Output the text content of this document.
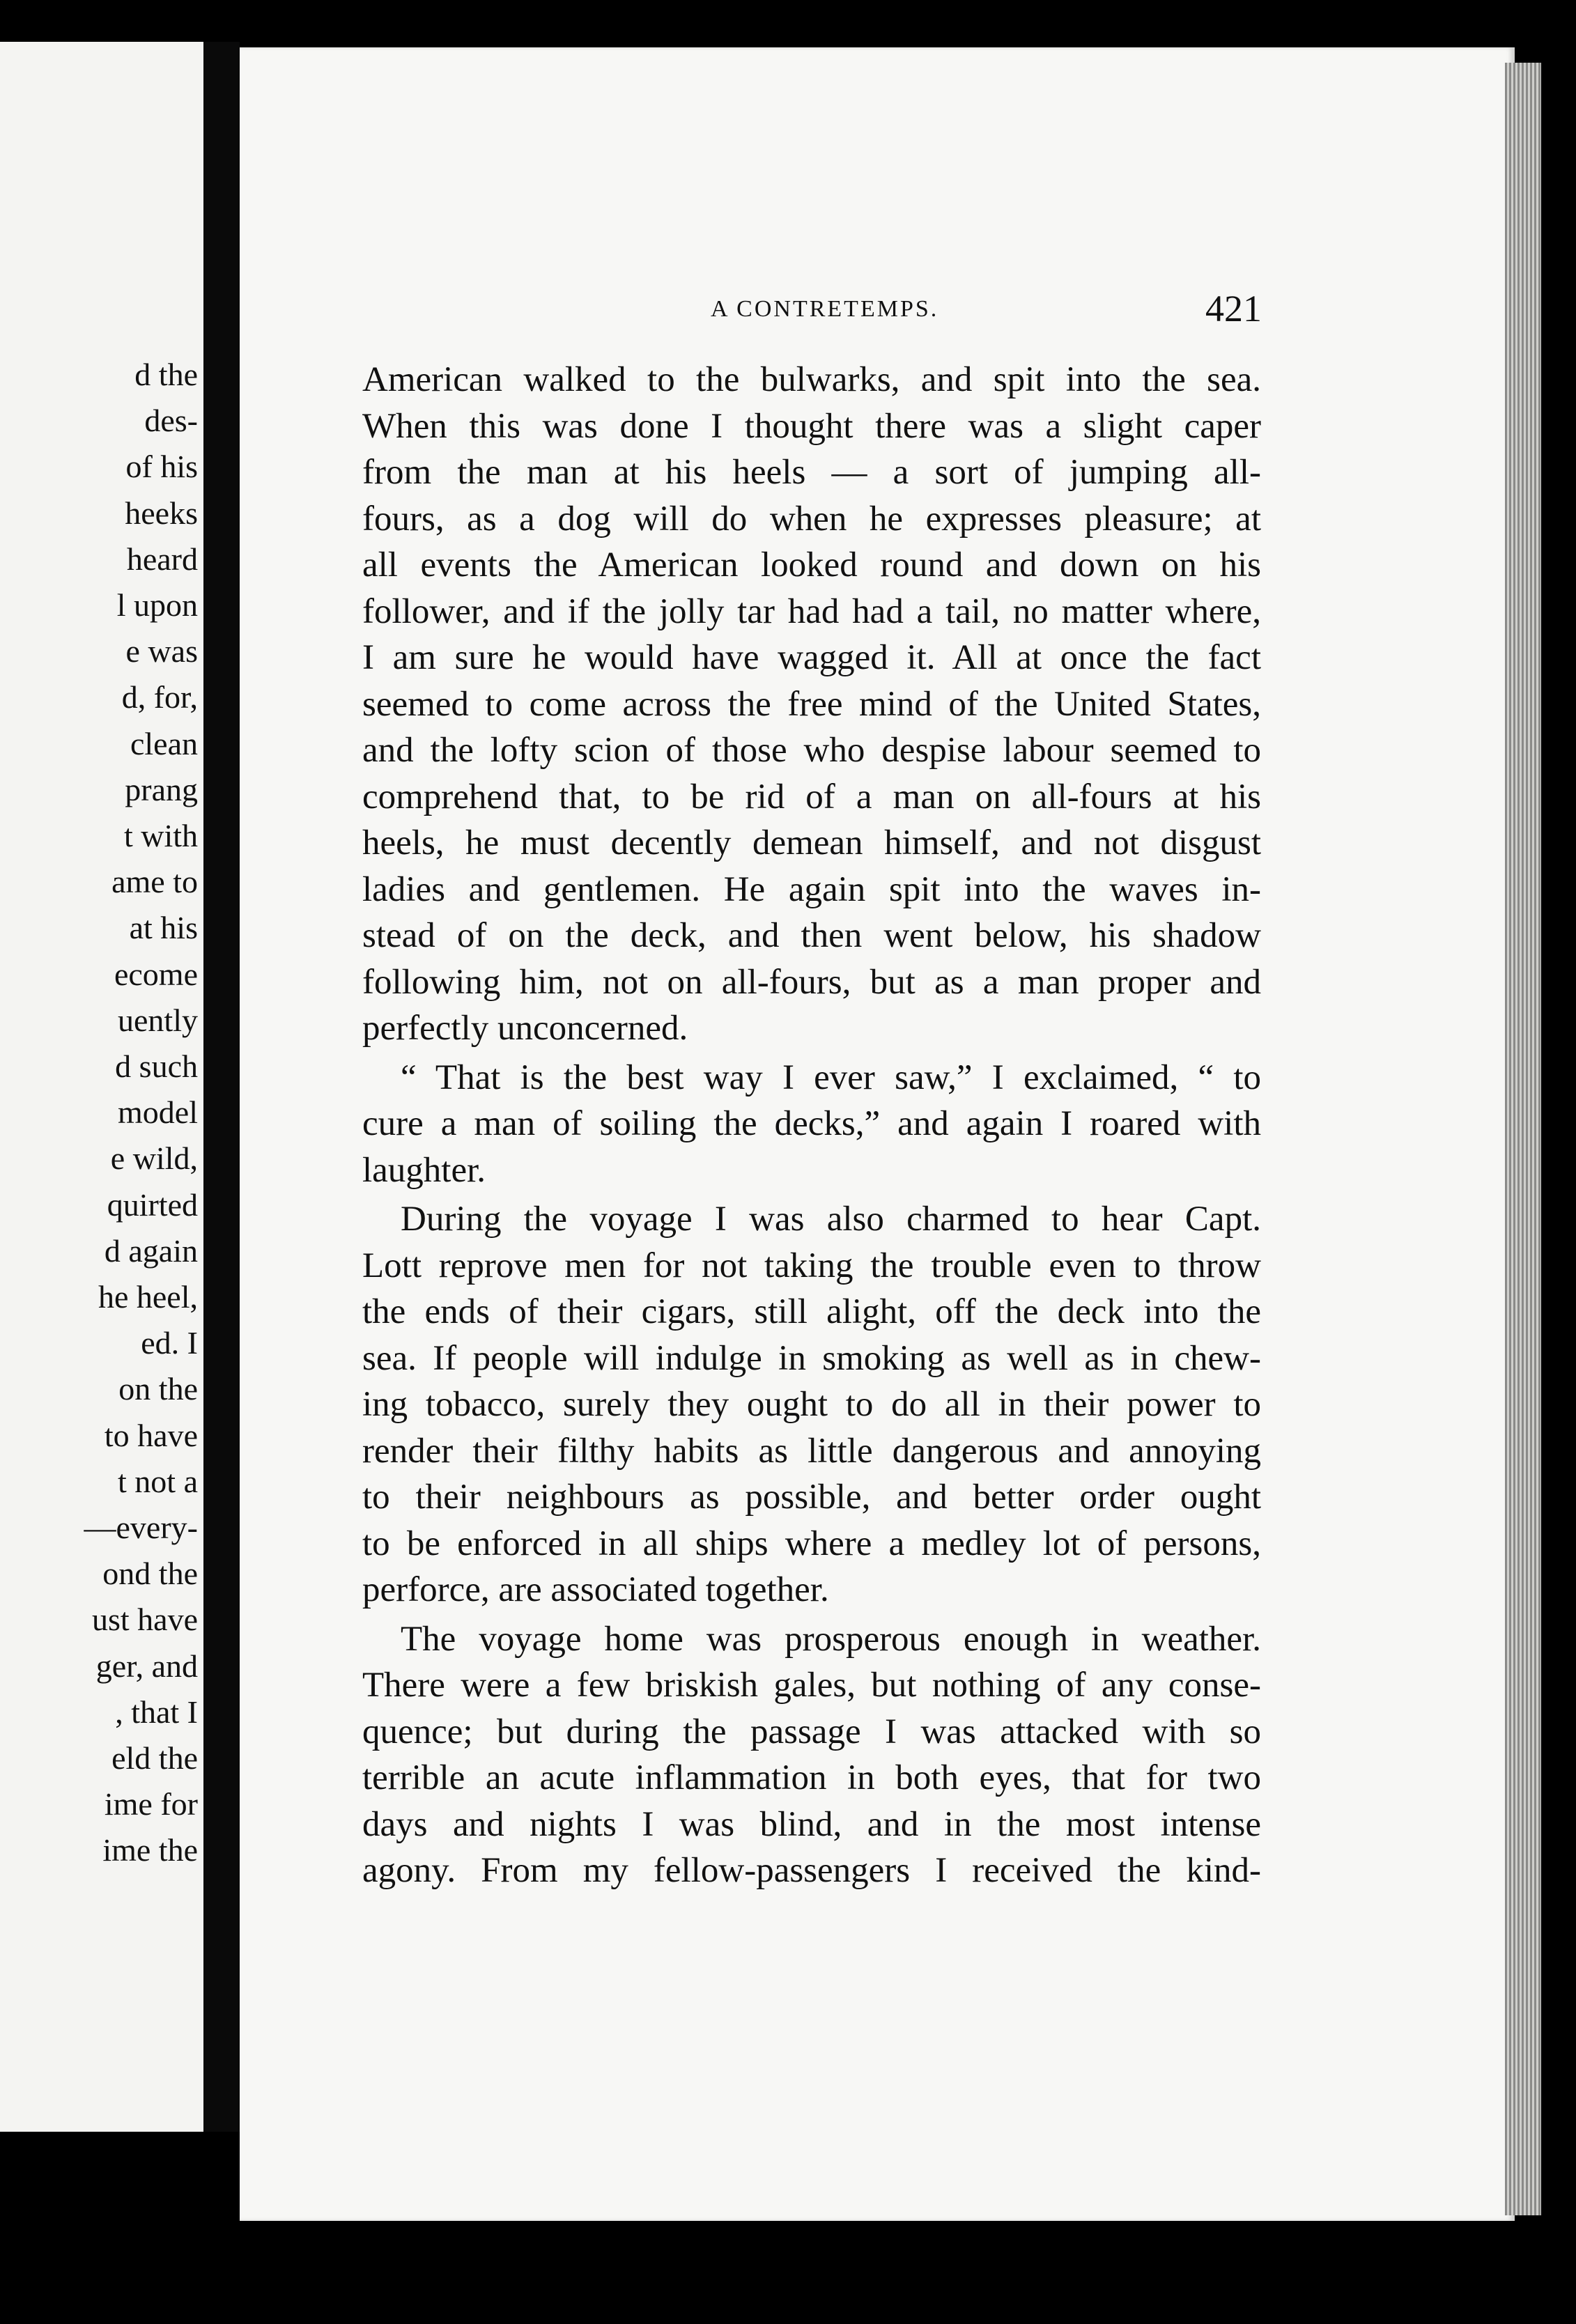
d the
des-
of his
heeks
heard
l upon
e was
d, for,
clean
prang
t with
ame to
at his
ecome
uently
d such
model
e wild,
quirted
d again
he heel,
ed. I
on the
to have
t not a
—every-
ond the
ust have
ger, and
, that I
eld the
ime for
ime the
A CONTRETEMPS.	421
American walked to the bulwarks, and spit into the sea.
When this was done I thought there was a slight caper
from the man at his heels — a sort of jumping all-
fours, as a dog will do when he expresses pleasure; at
all events the American looked round and down on his
follower, and if the jolly tar had had a tail, no matter where,
I am sure he would have wagged it. All at once the fact
seemed to come across the free mind of the United States,
and the lofty scion of those who despise labour seemed to
comprehend that, to be rid of a man on all-fours at his
heels, he must decently demean himself, and not disgust
ladies and gentlemen. He again spit into the waves in-
stead of on the deck, and then went below, his shadow
following him, not on all-fours, but as a man proper and
perfectly unconcerned.
“ That is the best way I ever saw,” I exclaimed, “ to
cure a man of soiling the decks,” and again I roared with
laughter.
During the voyage I was also charmed to hear Capt.
Lott reprove men for not taking the trouble even to throw
the ends of their cigars, still alight, off the deck into the
sea. If people will indulge in smoking as well as in chew-
ing tobacco, surely they ought to do all in their power to
render their filthy habits as little dangerous and annoying
to their neighbours as possible, and better order ought
to be enforced in all ships where a medley lot of persons,
perforce, are associated together.
The voyage home was prosperous enough in weather.
There were a few briskish gales, but nothing of any conse-
quence; but during the passage I was attacked with so
terrible an acute inflammation in both eyes, that for two
days and nights I was blind, and in the most intense
agony. From my fellow-passengers I received the kind-
